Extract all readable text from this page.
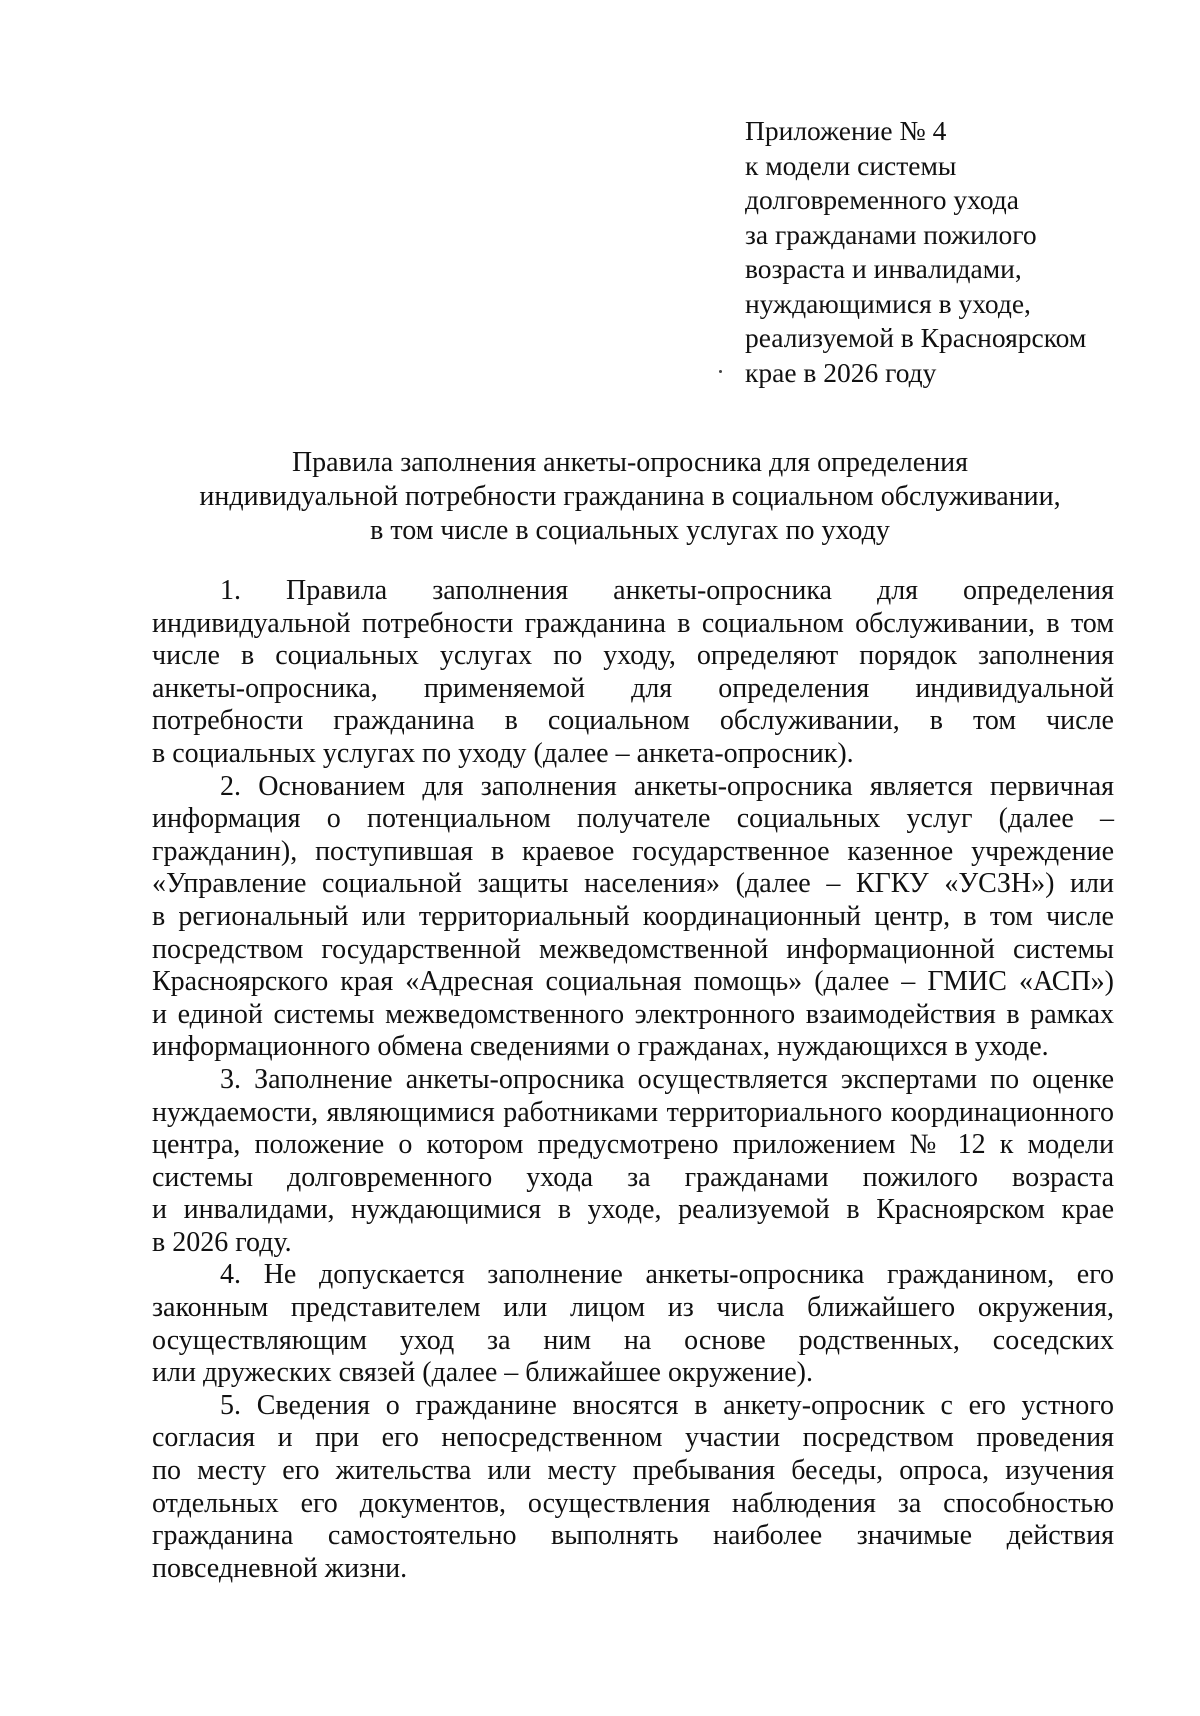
Приложение № 4
к модели системы
долговременного ухода
за гражданами пожилого
возраста и инвалидами,
нуждающимися в уходе,
реализуемой в Красноярском
крае в 2026 году
Правила заполнения анкеты-опросника для определения
индивидуальной потребности гражданина в социальном обслуживании,
в том числе в социальных услугах по уходу

1. Правила заполнения анкеты-опросника для определения

индивидуальной потребности гражданина в социальном обслуживании, в том

числе в социальных услугах по уходу, определяют порядок заполнения

анкеты-опросника, применяемой для определения индивидуальной

потребности гражданина в социальном обслуживании, в том числе

в социальных услугах по уходу (далее – анкета-опросник).

2. Основанием для заполнения анкеты-опросника является первичная

информация о потенциальном получателе социальных услуг (далее –

гражданин), поступившая в краевое государственное казенное учреждение

«Управление социальной защиты населения» (далее – КГКУ «УСЗН») или

в региональный или территориальный координационный центр, в том числе

посредством государственной межведомственной информационной системы

Красноярского края «Адресная социальная помощь» (далее – ГМИС «АСП»)

и единой системы межведомственного электронного взаимодействия в рамках

информационного обмена сведениями о гражданах, нуждающихся в уходе.

3. Заполнение анкеты-опросника осуществляется экспертами по оценке

нуждаемости, являющимися работниками территориального координационного

центра, положение о котором предусмотрено приложением № 12 к модели

системы долговременного ухода за гражданами пожилого возраста

и инвалидами, нуждающимися в уходе, реализуемой в Красноярском крае

в 2026 году.

4. Не допускается заполнение анкеты-опросника гражданином, его

законным представителем или лицом из числа ближайшего окружения,

осуществляющим уход за ним на основе родственных, соседских

или дружеских связей (далее – ближайшее окружение).

5. Сведения о гражданине вносятся в анкету-опросник с его устного

согласия и при его непосредственном участии посредством проведения

по месту его жительства или месту пребывания беседы, опроса, изучения

отдельных его документов, осуществления наблюдения за способностью

гражданина самостоятельно выполнять наиболее значимые действия

повседневной жизни.
